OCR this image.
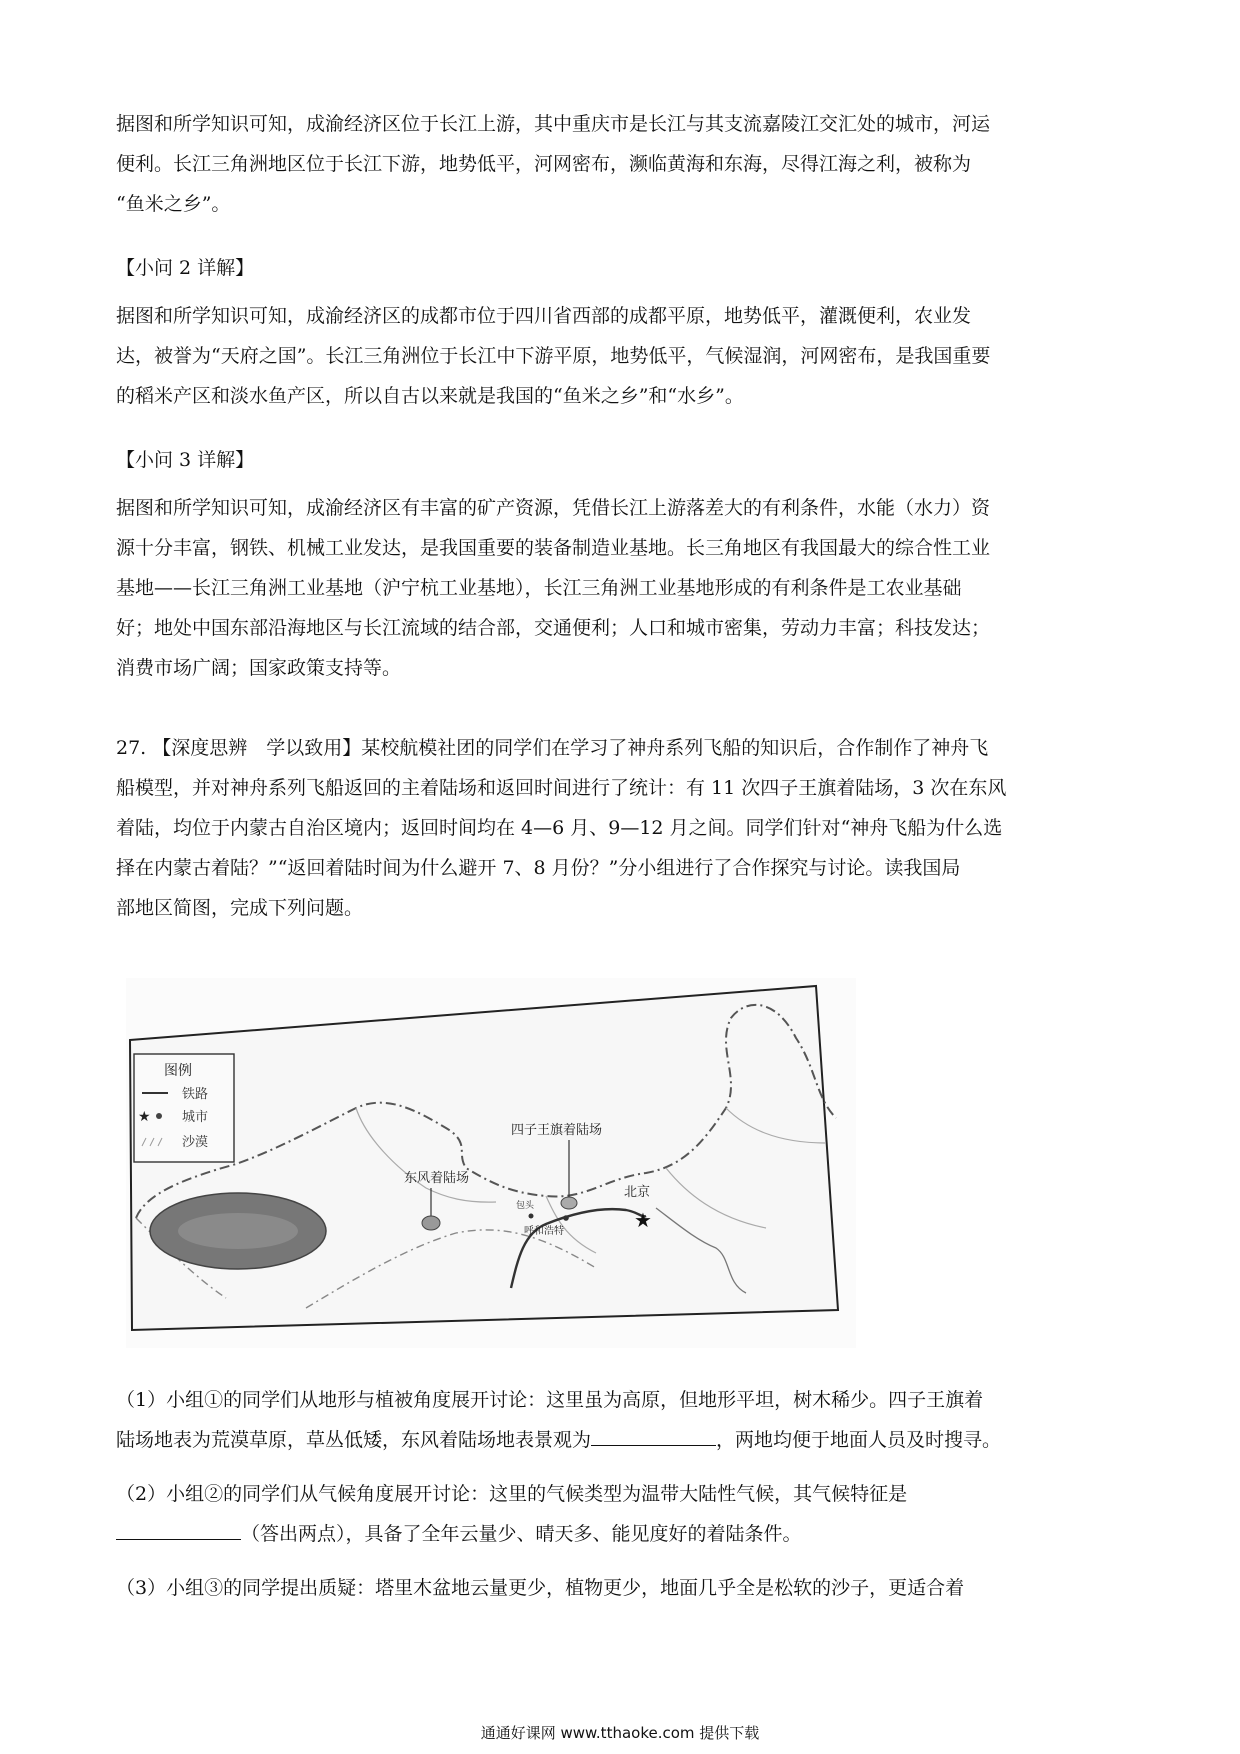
据图和所学知识可知，成渝经济区位于长江上游，其中重庆市是长江与其支流嘉陵江交汇处的城市，河运
便利。长江三角洲地区位于长江下游，地势低平，河网密布，濒临黄海和东海，尽得江海之利，被称为
“鱼米之乡”。
【小问 2 详解】
据图和所学知识可知，成渝经济区的成都市位于四川省西部的成都平原，地势低平，灌溉便利，农业发
达，被誉为“天府之国”。长江三角洲位于长江中下游平原，地势低平，气候湿润，河网密布，是我国重要
的稻米产区和淡水鱼产区，所以自古以来就是我国的“鱼米之乡”和“水乡”。
【小问 3 详解】
据图和所学知识可知，成渝经济区有丰富的矿产资源，凭借长江上游落差大的有利条件，水能（水力）资
源十分丰富，钢铁、机械工业发达，是我国重要的装备制造业基地。长三角地区有我国最大的综合性工业
基地——长江三角洲工业基地（沪宁杭工业基地），长江三角洲工业基地形成的有利条件是工农业基础
好；地处中国东部沿海地区与长江流域的结合部，交通便利；人口和城市密集，劳动力丰富；科技发达；
消费市场广阔；国家政策支持等。
27. 【深度思辨　学以致用】某校航模社团的同学们在学习了神舟系列飞船的知识后，合作制作了神舟飞
船模型，并对神舟系列飞船返回的主着陆场和返回时间进行了统计：有 11 次四子王旗着陆场，3 次在东风
着陆，均位于内蒙古自治区境内；返回时间均在 4—6 月、9—12 月之间。同学们针对“神舟飞船为什么选
择在内蒙古着陆？”“返回着陆时间为什么避开 7、8 月份？”分小组进行了合作探究与讨论。读我国局
部地区简图，完成下列问题。
图例
铁路
★ 城市
沙漠
东风着陆场
四子王旗着陆场
包头
呼和浩特	★
北京
（1）小组①的同学们从地形与植被角度展开讨论：这里虽为高原，但地形平坦，树木稀少。四子王旗着
陆场地表为荒漠草原，草丛低矮，东风着陆场地表景观为	，两地均便于地面人员及时搜寻。
（2）小组②的同学们从气候角度展开讨论：这里的气候类型为温带大陆性气候，其气候特征是
（答出两点），具备了全年云量少、晴天多、能见度好的着陆条件。
（3）小组③的同学提出质疑：塔里木盆地云量更少，植物更少，地面几乎全是松软的沙子，更适合着
通通好课网 www.tthaoke.com 提供下载
